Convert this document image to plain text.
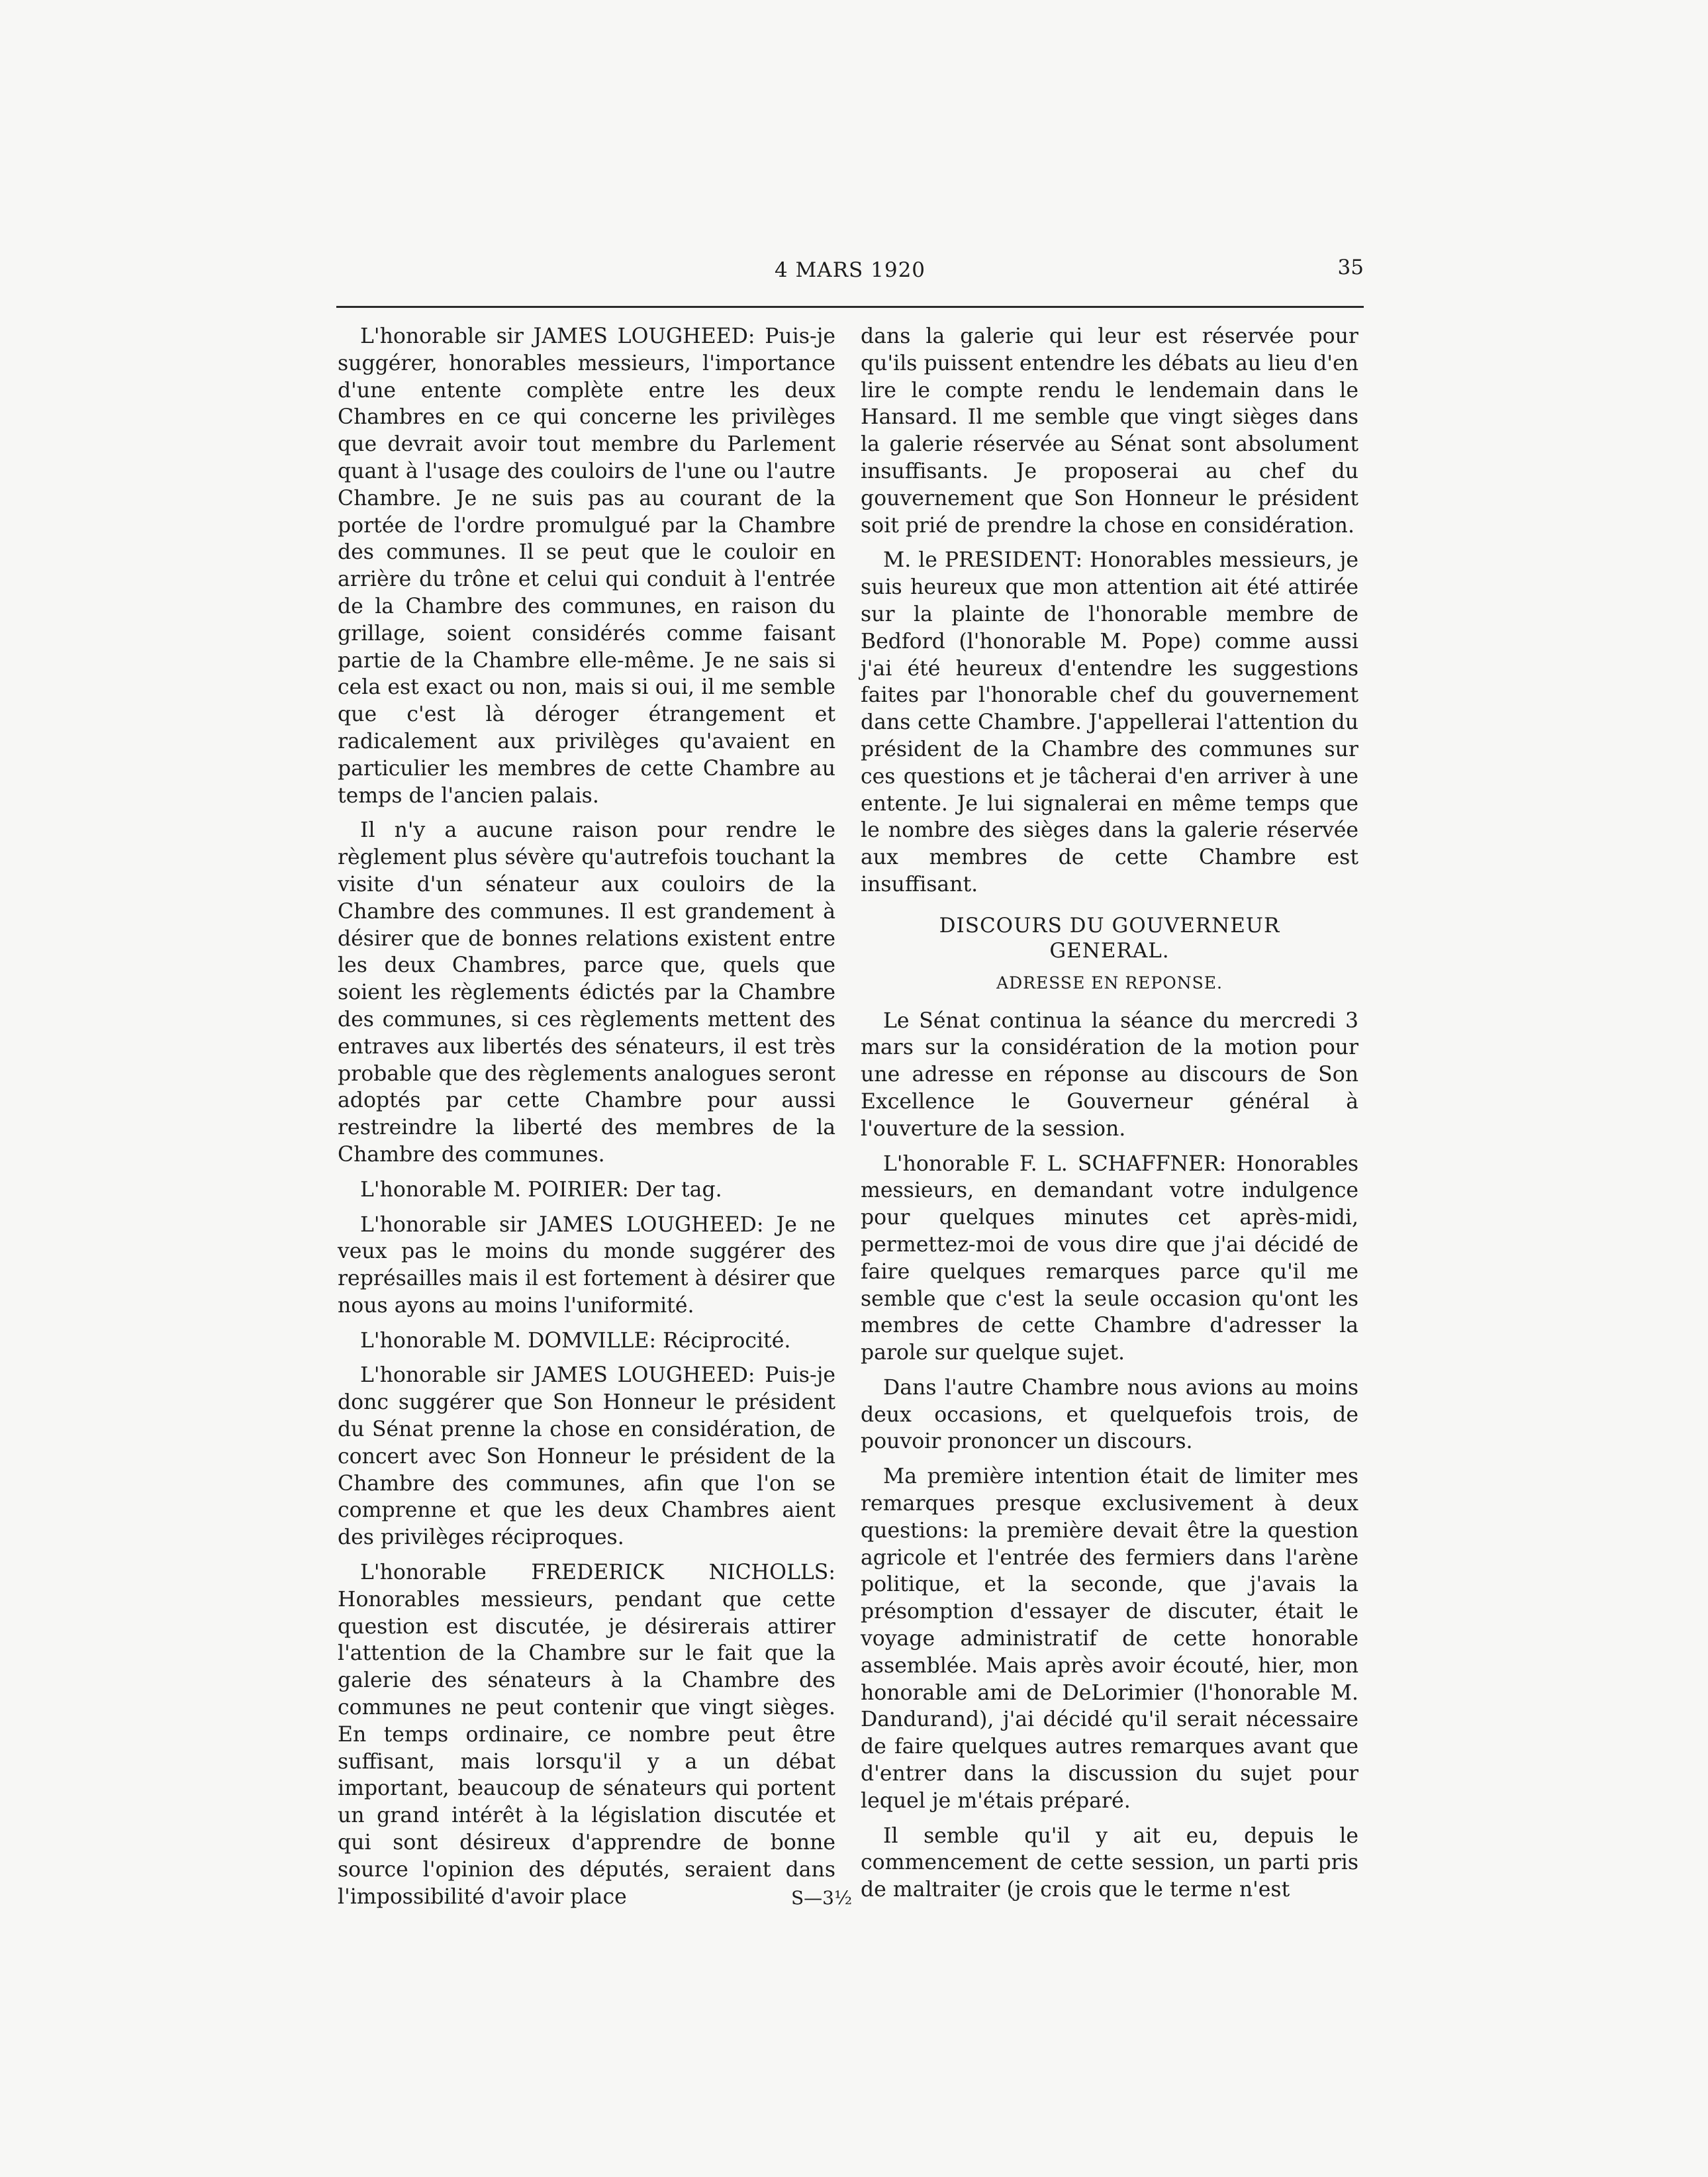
4 MARS 1920	35

L'honorable sir JAMES LOUGHEED: Puis-je suggérer, honorables messieurs, l'importance d'une entente complète entre les deux Chambres en ce qui concerne les privilèges que devrait avoir tout membre du Parlement quant à l'usage des couloirs de l'une ou l'autre Chambre. Je ne suis pas au courant de la portée de l'ordre promulgué par la Chambre des communes. Il se peut que le couloir en arrière du trône et celui qui conduit à l'entrée de la Chambre des communes, en raison du grillage, soient considérés comme faisant partie de la Chambre elle-même. Je ne sais si cela est exact ou non, mais si oui, il me semble que c'est là déroger étrangement et radicalement aux privilèges qu'avaient en particulier les membres de cette Chambre au temps de l'ancien palais.

Il n'y a aucune raison pour rendre le règlement plus sévère qu'autrefois touchant la visite d'un sénateur aux couloirs de la Chambre des communes. Il est grandement à désirer que de bonnes relations existent entre les deux Chambres, parce que, quels que soient les règlements édictés par la Chambre des communes, si ces règlements mettent des entraves aux libertés des sénateurs, il est très probable que des règlements analogues seront adoptés par cette Chambre pour aussi restreindre la liberté des membres de la Chambre des communes.

L'honorable M. POIRIER: Der tag.

L'honorable sir JAMES LOUGHEED: Je ne veux pas le moins du monde suggérer des représailles mais il est fortement à désirer que nous ayons au moins l'uniformité.

L'honorable M. DOMVILLE: Réciprocité.

L'honorable sir JAMES LOUGHEED: Puis-je donc suggérer que Son Honneur le président du Sénat prenne la chose en considération, de concert avec Son Honneur le président de la Chambre des communes, afin que l'on se comprenne et que les deux Chambres aient des privilèges réciproques.

L'honorable FREDERICK NICHOLLS: Honorables messieurs, pendant que cette question est discutée, je désirerais attirer l'attention de la Chambre sur le fait que la galerie des sénateurs à la Chambre des communes ne peut contenir que vingt sièges. En temps ordinaire, ce nombre peut être suffisant, mais lorsqu'il y a un débat important, beaucoup de sénateurs qui portent un grand intérêt à la législation discutée et qui sont désireux d'apprendre de bonne source l'opinion des députés, seraient dans l'impossibilité d'avoir place	S—3½

dans la galerie qui leur est réservée pour qu'ils puissent entendre les débats au lieu d'en lire le compte rendu le lendemain dans le Hansard. Il me semble que vingt sièges dans la galerie réservée au Sénat sont absolument insuffisants. Je proposerai au chef du gouvernement que Son Honneur le président soit prié de prendre la chose en considération.

M. le PRESIDENT: Honorables messieurs, je suis heureux que mon attention ait été attirée sur la plainte de l'honorable membre de Bedford (l'honorable M. Pope) comme aussi j'ai été heureux d'entendre les suggestions faites par l'honorable chef du gouvernement dans cette Chambre. J'appellerai l'attention du président de la Chambre des communes sur ces questions et je tâcherai d'en arriver à une entente. Je lui signalerai en même temps que le nombre des sièges dans la galerie réservée aux membres de cette Chambre est insuffisant.

DISCOURS DU GOUVERNEUR
GENERAL.
ADRESSE EN REPONSE.

Le Sénat continua la séance du mercredi 3 mars sur la considération de la motion pour une adresse en réponse au discours de Son Excellence le Gouverneur général à l'ouverture de la session.

L'honorable F. L. SCHAFFNER: Honorables messieurs, en demandant votre indulgence pour quelques minutes cet après-midi, permettez-moi de vous dire que j'ai décidé de faire quelques remarques parce qu'il me semble que c'est la seule occasion qu'ont les membres de cette Chambre d'adresser la parole sur quelque sujet.

Dans l'autre Chambre nous avions au moins deux occasions, et quelquefois trois, de pouvoir prononcer un discours.

Ma première intention était de limiter mes remarques presque exclusivement à deux questions: la première devait être la question agricole et l'entrée des fermiers dans l'arène politique, et la seconde, que j'avais la présomption d'essayer de discuter, était le voyage administratif de cette honorable assemblée. Mais après avoir écouté, hier, mon honorable ami de DeLorimier (l'honorable M. Dandurand), j'ai décidé qu'il serait nécessaire de faire quelques autres remarques avant que d'entrer dans la discussion du sujet pour lequel je m'étais préparé.

Il semble qu'il y ait eu, depuis le commencement de cette session, un parti pris de maltraiter (je crois que le terme n'est
